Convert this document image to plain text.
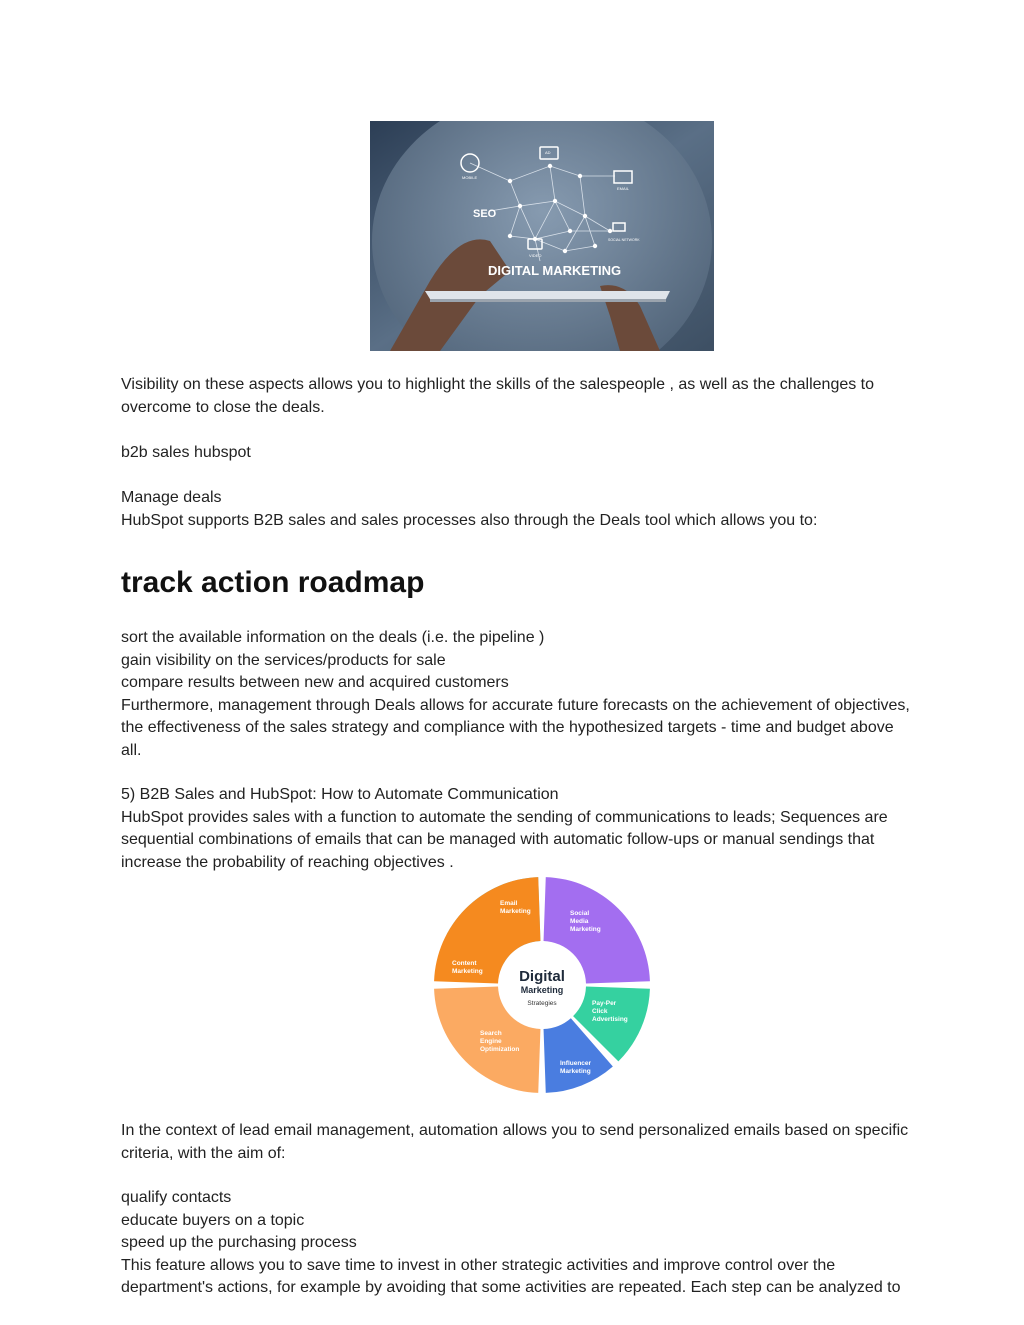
MOBILE
AD
EMAIL
SEO
VIDEO
SOCIAL NETWORK
DIGITAL MARKETING

Visibility on these aspects allows you to highlight the skills of the salespeople , as well as the challenges to
overcome to close the deals.

b2b sales hubspot

Manage deals
HubSpot supports B2B sales and sales processes also through the Deals tool which allows you to:

track action roadmap

sort the available information on the deals (i.e. the pipeline )
gain visibility on the services/products for sale
compare results between new and acquired customers
Furthermore, management through Deals allows for accurate future forecasts on the achievement of objectives,
the effectiveness of the sales strategy and compliance with the hypothesized targets - time and budget above
all.

5) B2B Sales and HubSpot: How to Automate Communication
HubSpot provides sales with a function to automate the sending of communications to leads; Sequences are
sequential combinations of emails that can be managed with automatic follow-ups or manual sendings that
increase the probability of reaching objectives .

Digital
Marketing
Strategies
Email Marketing	Social Media Marketing
Pay-Per Click Advertising
Influencer Marketing
Search Engine Optimization
Content Marketing

In the context of lead email management, automation allows you to send personalized emails based on specific
criteria, with the aim of:

qualify contacts
educate buyers on a topic
speed up the purchasing process
This feature allows you to save time to invest in other strategic activities and improve control over the
department's actions, for example by avoiding that some activities are repeated. Each step can be analyzed to
